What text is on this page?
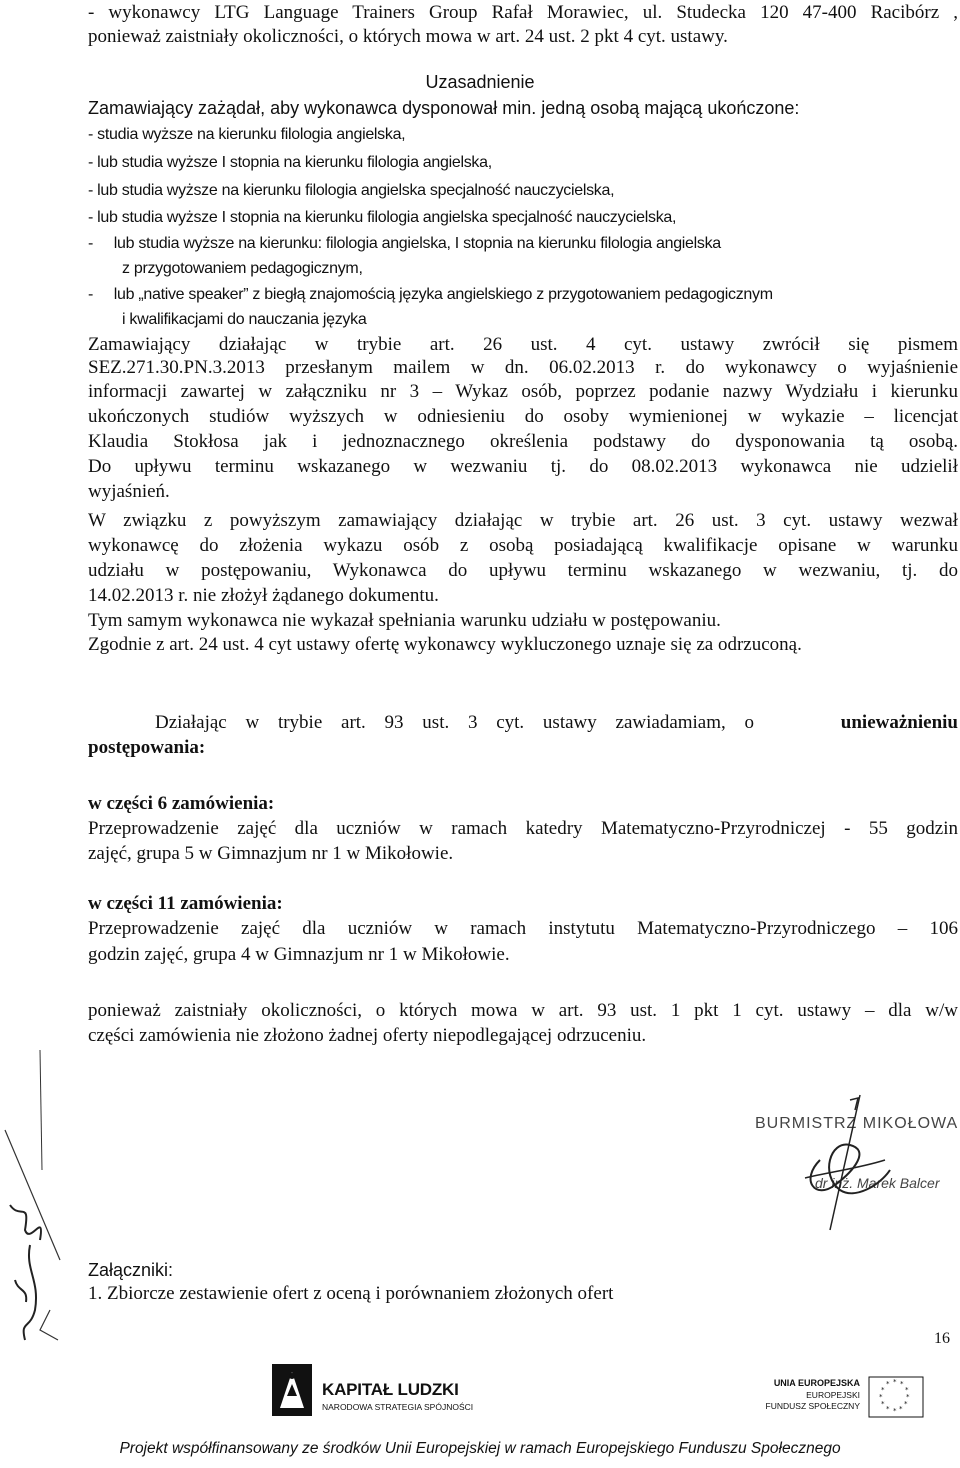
- wykonawcy LTG Language Trainers Group Rafał Morawiec, ul. Studecka 120 47-400 Racibórz ,
ponieważ zaistniały okoliczności, o których mowa w art. 24 ust. 2 pkt 4 cyt. ustawy.
Uzasadnienie
Zamawiający zażądał, aby wykonawca dysponował min. jedną osobą mającą ukończone:
- studia wyższe na kierunku filologia angielska,
- lub studia wyższe I stopnia na kierunku filologia angielska,
- lub studia wyższe na kierunku filologia angielska specjalność nauczycielska,
- lub studia wyższe I stopnia na kierunku filologia angielska specjalność nauczycielska,
-     lub studia wyższe na kierunku: filologia angielska, I stopnia na kierunku filologia angielska
z przygotowaniem pedagogicznym,
-     lub „native speaker” z biegłą znajomością języka angielskiego z przygotowaniem pedagogicznym
i kwalifikacjami do nauczania języka
Zamawiający działając w trybie art. 26 ust. 4 cyt. ustawy zwrócił się pismem
SEZ.271.30.PN.3.2013 przesłanym mailem w dn. 06.02.2013 r. do wykonawcy o wyjaśnienie
informacji zawartej w załączniku nr 3 – Wykaz osób, poprzez podanie nazwy Wydziału i kierunku
ukończonych studiów wyższych w odniesieniu do osoby wymienionej w wykazie – licencjat
Klaudia Stokłosa jak i jednoznacznego określenia podstawy do dysponowania tą osobą.
Do upływu terminu wskazanego w wezwaniu tj. do 08.02.2013 wykonawca nie udzielił
wyjaśnień.
W związku z powyższym zamawiający działając w trybie art. 26 ust. 3 cyt. ustawy wezwał
wykonawcę do złożenia wykazu osób z osobą posiadającą kwalifikacje opisane w warunku
udziału w postępowaniu, Wykonawca do upływu terminu wskazanego w wezwaniu, tj. do
14.02.2013 r. nie złożył żądanego dokumentu.
Tym samym wykonawca nie wykazał spełniania warunku udziału w postępowaniu.
Zgodnie z art. 24 ust. 4 cyt ustawy ofertę wykonawcy wykluczonego uznaje się za odrzuconą.
Działając w trybie art. 93 ust. 3 cyt. ustawy zawiadamiam, o	unieważnieniu
postępowania:
w części 6 zamówienia:
Przeprowadzenie zajęć dla uczniów w ramach katedry Matematyczno-Przyrodniczej - 55 godzin
zajęć, grupa 5 w Gimnazjum nr 1 w Mikołowie.
w części 11 zamówienia:
Przeprowadzenie zajęć dla uczniów w ramach instytutu Matematyczno-Przyrodniczego – 106
godzin zajęć, grupa 4 w Gimnazjum nr 1 w Mikołowie.
ponieważ zaistniały okoliczności, o których mowa w art. 93 ust. 1 pkt 1 cyt. ustawy – dla w/w
części zamówienia nie złożono żadnej oferty niepodlegającej odrzuceniu.
BURMISTRZ MIKOŁOWA
dr inż. Marek Balcer
Załączniki:
1. Zbiorcze zestawienie ofert z oceną i porównaniem złożonych ofert
16
KAPITAŁ LUDZKI
NARODOWA STRATEGIA SPÓJNOŚCI
UNIA EUROPEJSKA
EUROPEJSKI
FUNDUSZ SPOŁECZNY
* *
*
*
*
*
*
*
*
*
*
*
Projekt współfinansowany ze środków Unii Europejskiej w ramach Europejskiego Funduszu Społecznego
